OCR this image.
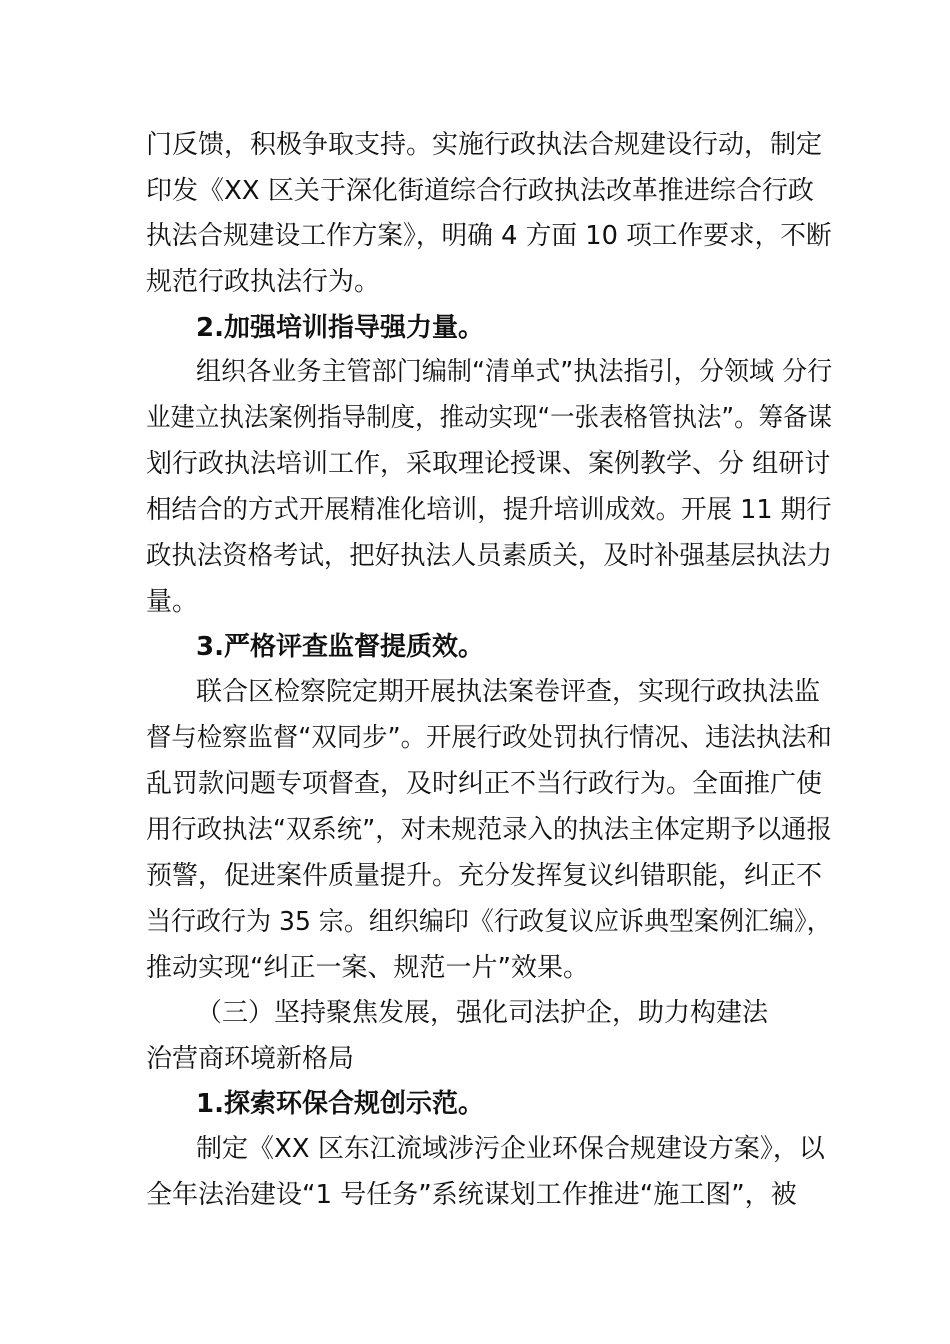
门反馈，积极争取支持。实施行政执法合规建设行动，制定
印发《XX 区关于深化街道综合行政执法改革推进综合行政
执法合规建设工作方案》，明确 4 方面 10 项工作要求，不断
规范行政执法行为。
2.加强培训指导强力量。
组织各业务主管部门编制“清单式”执法指引，分领域 分行
业建立执法案例指导制度，推动实现“一张表格管执法”。筹备谋
划行政执法培训工作，采取理论授课、案例教学、分 组研讨
相结合的方式开展精准化培训，提升培训成效。开展 11 期行
政执法资格考试，把好执法人员素质关，及时补强基层执法力
量。
3.严格评查监督提质效。
联合区检察院定期开展执法案卷评查，实现行政执法监
督与检察监督“双同步”。开展行政处罚执行情况、违法执法和
乱罚款问题专项督查，及时纠正不当行政行为。全面推广使
用行政执法“双系统”，对未规范录入的执法主体定期予以通报
预警，促进案件质量提升。充分发挥复议纠错职能，纠正不
当行政行为 35 宗。组织编印《行政复议应诉典型案例汇编》，
推动实现“纠正一案、规范一片”效果。
（三）坚持聚焦发展，强化司法护企，助力构建法
治营商环境新格局
1.探索环保合规创示范。
制定《XX 区东江流域涉污企业环保合规建设方案》，以
全年法治建设“1 号任务”系统谋划工作推进“施工图”，被
